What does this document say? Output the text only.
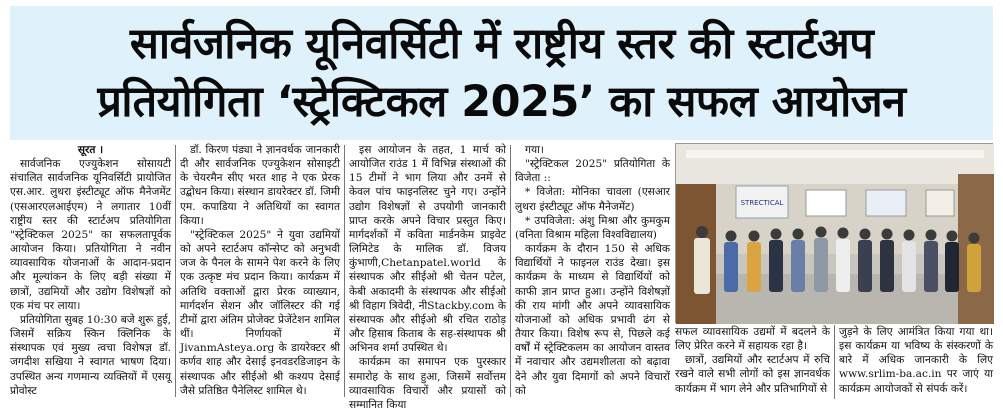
सार्वजनिक यूनिवर्सिटी में राष्ट्रीय स्तर की स्टार्टअप
प्रतियोगिता ‘स्ट्रेक्टिकल 2025’ का सफल आयोजन

सूरत ।

सार्वजनिक एज्युकेशन सोसायटी संचालित सार्वजनिक यूनिवर्सिटी प्रायोजित एस.आर. लुथरा इंस्टीट्यूट ऑफ मैनेजमेंट (एसआरएलआईएम) ने लगातार 10वीं राष्ट्रीय स्तर की स्टार्टअप प्रतियोगिता "स्ट्रेक्टिकल 2025" का सफलतापूर्वक आयोजन किया। प्रतियोगिता ने नवीन व्यावसायिक योजनाओं के आदान-प्रदान और मूल्यांकन के लिए बड़ी संख्या में छात्रों, उद्यमियों और उद्योग विशेषज्ञों को एक मंच पर लाया।

प्रतियोगिता सुबह 10:30 बजे शुरू हुई, जिसमें सक्रिय स्किन क्लिनिक के संस्थापक एवं मुख्य त्वचा विशेषज्ञ डॉ. जगदीश सखिया ने स्वागत भाषण दिया। उपस्थित अन्य गणमान्य व्यक्तियों में एसयू प्रोवोस्ट

डॉ. किरण पंड्या ने ज्ञानवर्धक जानकारी दी और सार्वजनिक एज्युकेशन सोसाइटी के चेयरमैन सीए भरत शाह ने एक प्रेरक उद्बोधन किया। संस्थान डायरेक्टर डॉ. जिमी एम. कपाडिया ने अतिथियों का स्वागत किया।

"स्ट्रेक्टिकल 2025" ने युवा उद्यमियों को अपने स्टार्टअप कॉन्सेप्ट को अनुभवी जज के पैनल के सामने पेश करने के लिए एक उत्कृष्ट मंच प्रदान किया। कार्यक्रम में अतिथि वक्ताओं द्वारा प्रेरक व्याख्यान, मार्गदर्शन सेशन और जॉलिस्टर की गई टीमों द्वारा अंतिम प्रोजेक्ट प्रेजेंटेशन शामिल थीं। निर्णायकों में JivanmAsteya.org के डायरेक्टर श्री कर्णव शाह और देसाई इनवडरडिजाइन के संस्थापक और सीईओ श्री कश्यप देसाई जैसे प्रतिष्ठित पैनेलिस्ट शामिल थे।

इस आयोजन के तहत, 1 मार्च को आयोजित राउंड 1 में विभिन्न संस्थाओं की 15 टीमों ने भाग लिया और उनमें से केवल पांच फाइनलिस्ट चुने गए। उन्होंने उद्योग विशेषज्ञों से उपयोगी जानकारी प्राप्त करके अपने विचार प्रस्तुत किए। मार्गदर्शकों में कविता मार्डनकेम प्राइवेट लिमिटेड के मालिक डॉ. विजय कुंभाणी,Chetanpatel.world के संस्थापक और सीईओ श्री चेतन पटेल, केबी अकादमी के संस्थापक और सीईओ श्री विहाग त्रिवेदी, नीStackby.com के संस्थापक और सीईओ श्री रचित राठोड़ और हिसाब किताब के सह-संस्थापक श्री अभिनव शर्मा उपस्थित थे।

कार्यक्रम का समापन एक पुरस्कार समारोह के साथ हुआ, जिसमें सर्वोत्तम व्यावसायिक विचारों और प्रयासों को सम्मानित किया

गया।

"स्ट्रेक्टिकल 2025" प्रतियोगिता के विजेता ::

* विजेता: मोनिका चावला (एसआर लुथरा इंस्टीट्यूट ऑफ मैनेजमेंट)

* उपविजेता: अंशु मिश्रा और कुमकुम (वनिता विश्राम महिला विश्वविद्यालय)

कार्यक्रम के दौरान 150 से अधिक विद्यार्थियों ने फाइनल राउंड देखा। इस कार्यक्रम के माध्यम से विद्यार्थियों को काफी ज्ञान प्राप्त हुआ। उन्होंने विशेषज्ञों की राय मांगी और अपने व्यावसायिक योजनाओं को अधिक प्रभावी ढंग से तैयार किया। विशेष रूप से, पिछले कई वर्षों में स्ट्रेक्टिकलम का आयोजन वास्तव में नवाचार और उद्यमशीलता को बढ़ावा देने और युवा दिमागों को अपने विचारों को

STRECTICAL

सफल व्यावसायिक उद्यमों में बदलने के लिए प्रेरित करने में सहायक रहा है।

छात्रों, उद्यमियों और स्टार्टअप में रुचि रखने वाले सभी लोगों को इस ज्ञानवर्धक कार्यक्रम में भाग लेने और प्रतिभागियों से

जुड़ने के लिए आमंत्रित किया गया था। इस कार्यक्रम या भविष्य के संस्करणों के बारे में अधिक जानकारी के लिए www.srlim-ba.ac.in पर जाएं या कार्यक्रम आयोजकों से संपर्क करें।
